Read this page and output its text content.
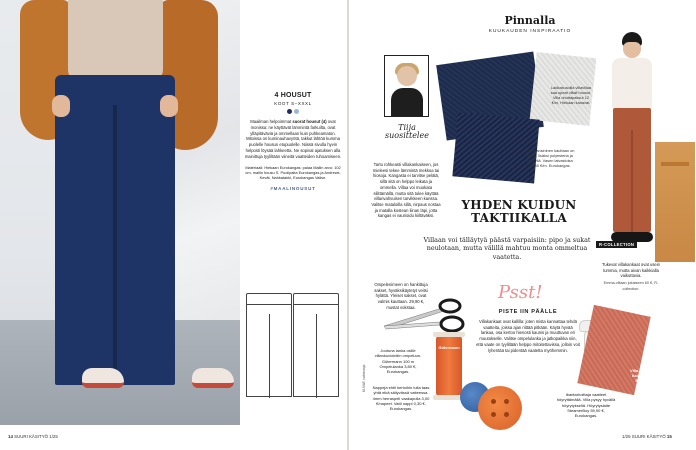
4 HOUSUT
KOOT S–XXXL
Maailman helpoimmat suorat housut (4) ovat monissa: ne käyttävät lämmintä farkuilta, ovat ylläpitäväviä ja ommellaan kuin puhkeamaton. Mitoissa on kuminauhavyötä, takkut lähtöä kumma puolelle housun etupuolelle. Niissä sivulla hyvin helposti löysää lahkeetta. Ne sopivat ajatuksen alla mainittuja tyyliltään viineitä vaatteiden tuhoamiseen.
Materiaali: Hiekaan Eurokangas: palaa Mallin arvo: 102 cm, mallin housu S. Puolipaita Eurokangas ja Andrews, Kevät, Nahkatakki, Eurokangas Valise.
#MAALINOUSUT
14 SUURI KÄSITYÖ 1/25
Pinnalla
KUUKAUDEN INSPIRAATIO
Tiija suosittelee
Tartu rohkeasti villakankaiseen, jos mieleesi tekee lämmintä mekkoa tai hiosoja. Kangasta ei tarvitse pelätä, sillä sitä on helppo leikata ja ommella. Villaa voi muokata silittämällä, mutta sitä tulee käyttää villanvahvuisen tarvikkeen kanssa. Valitse mataloilla sillä, nirpaus nostaa ja matalla kostean liinan läpi, jotta kangas ei vaurioidu kiiltäväksi.
Laidustusoilla villavillaa saa upeat villait housut. Villa ohuttapaksut 12 €/m, Hiekaan kanavat.
Tummansininen kauttaan on villaa, lisäksi polyesteria ja akryyliä. Vasen laivastoisa 14,90 €/m. Eurokangas.
R-COLLECTION
Tukevat villakankaat ovat usein tummia, mutta aivan kaikkialla vaikuttavia.
Emma-villaan jokaiseen 60 €, R-collection.
YHDEN KUIDUN TAKTIIKALLA
Villaan voi tälläytyä päästä varpaisiin: pipo ja sukat neulotaan, mutta välillä mahtuu monta ommeltua vaatetta.
Ompelenimeen on hankittuja sakset, hyväksikäytetyt veitsi hylättä. Yleiset sakset, ovat valmis kauttaan. 29,90 €, mustat vokstaa.
Joutuna lanka osille villankuviointiin ompeluun. Gütermann 100 m Ompelulanka 3,80 €, Eurokangas.
Gütermann
Nappeja ehtii kertoihin tulla taas yhtä eikä säilyvässä vatteessa. 4mm herraspeli vaakapulla 3,00 €/napeet. Vatti nappi 0,30 €, Eurokangas.
KUVAT: valmistaja
Psst!
PISTE IIN PÄÄLLE
Villakankaat ovat kallilla: joten mista kannattaa tehdä vaatteita, joissa ajan riittää pitkään. Käytä hyvää lankaa, osa kertoo hienosti kaunis ja muuttuvan eri muutokselle. Valitse ompelulanka ja jatkopaikka niin, että vaate on tyyliltään helppo mitoitettavissa, jolloin voit lyhentää tai pidentää vaatetta myöhemmin.
Ibaritarhoittaja vaatteet höyryttämällä. Villa pysyy hyvällä höyrytyksellä. Höyrytyslaite SteamerBoy 59,90 €, Eurokangas.
Villa, Stretch Ohut Kaunis 8,19 €/m, Eurokangas.
1/25 SUURI KÄSITYÖ 15
